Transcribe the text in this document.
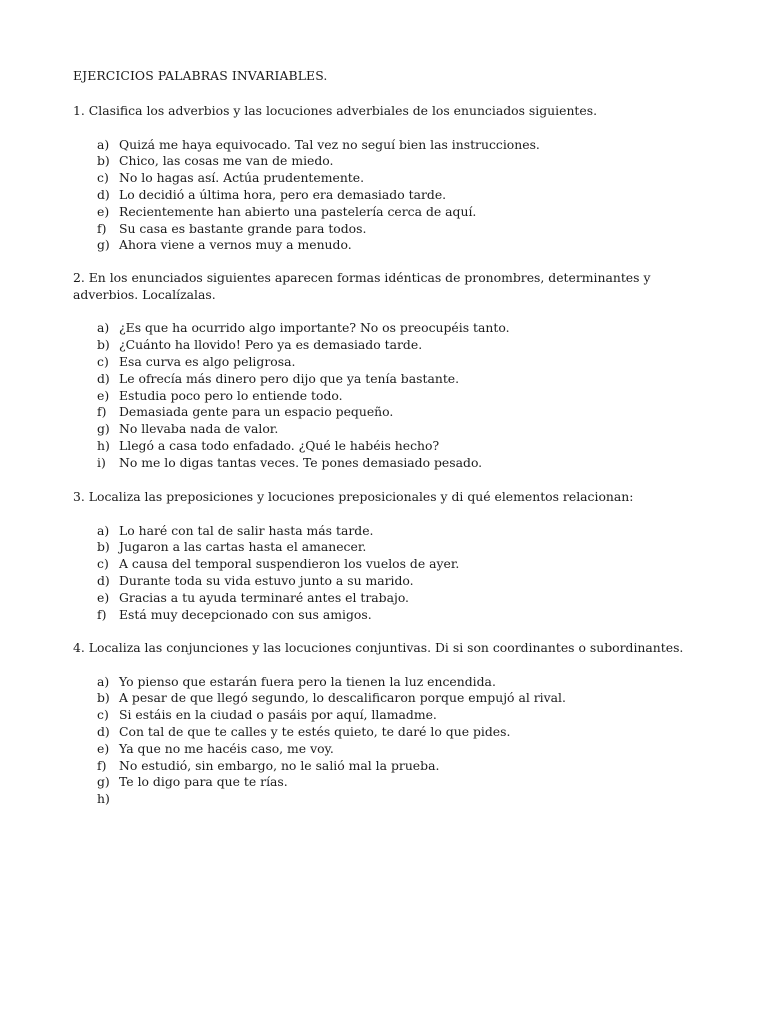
EJERCICIOS PALABRAS INVARIABLES.

1. Clasifica los adverbios y las locuciones adverbiales de los enunciados siguientes.

a) Quizá me haya equivocado. Tal vez no seguí bien las instrucciones.
b) Chico, las cosas me van de miedo.
c) No lo hagas así. Actúa prudentemente.
d) Lo decidió a última hora, pero era demasiado tarde.
e) Recientemente han abierto una pastelería cerca de aquí.
f)	Su casa es bastante grande para todos.
g) Ahora viene a vernos muy a menudo.

2. En los enunciados siguientes aparecen formas idénticas de pronombres, determinantes y adverbios. Localízalas.

a) ¿Es que ha ocurrido algo importante? No os preocupéis tanto.
b) ¿Cuánto ha llovido! Pero ya es demasiado tarde.
c) Esa curva es algo peligrosa.
d) Le ofrecía más dinero pero dijo que ya tenía bastante.
e) Estudia poco pero lo entiende todo.
f)	Demasiada gente para un espacio pequeño.
g) No llevaba nada de valor.
h) Llegó a casa todo enfadado. ¿Qué le habéis hecho?
i)	No me lo digas tantas veces. Te pones demasiado pesado.

3. Localiza las preposiciones y locuciones preposicionales y di qué elementos relacionan:

a) Lo haré con tal de salir hasta más tarde.
b) Jugaron a las cartas hasta el amanecer.
c) A causa del temporal suspendieron los vuelos de ayer.
d) Durante toda su vida estuvo junto a su marido.
e) Gracias a tu ayuda terminaré antes el trabajo.
f)	Está muy decepcionado con sus amigos.

4. Localiza las conjunciones y las locuciones conjuntivas. Di si son coordinantes o subordinantes.

a) Yo pienso que estarán fuera pero la tienen la luz encendida.
b) A pesar de que llegó segundo, lo descalificaron porque empujó al rival.
c) Si estáis en la ciudad o pasáis por aquí, llamadme.
d) Con tal de que te calles y te estés quieto, te daré lo que pides.
e) Ya que no me hacéis caso, me voy.
f)	No estudió, sin embargo, no le salió mal la prueba.
g) Te lo digo para que te rías.
h)
